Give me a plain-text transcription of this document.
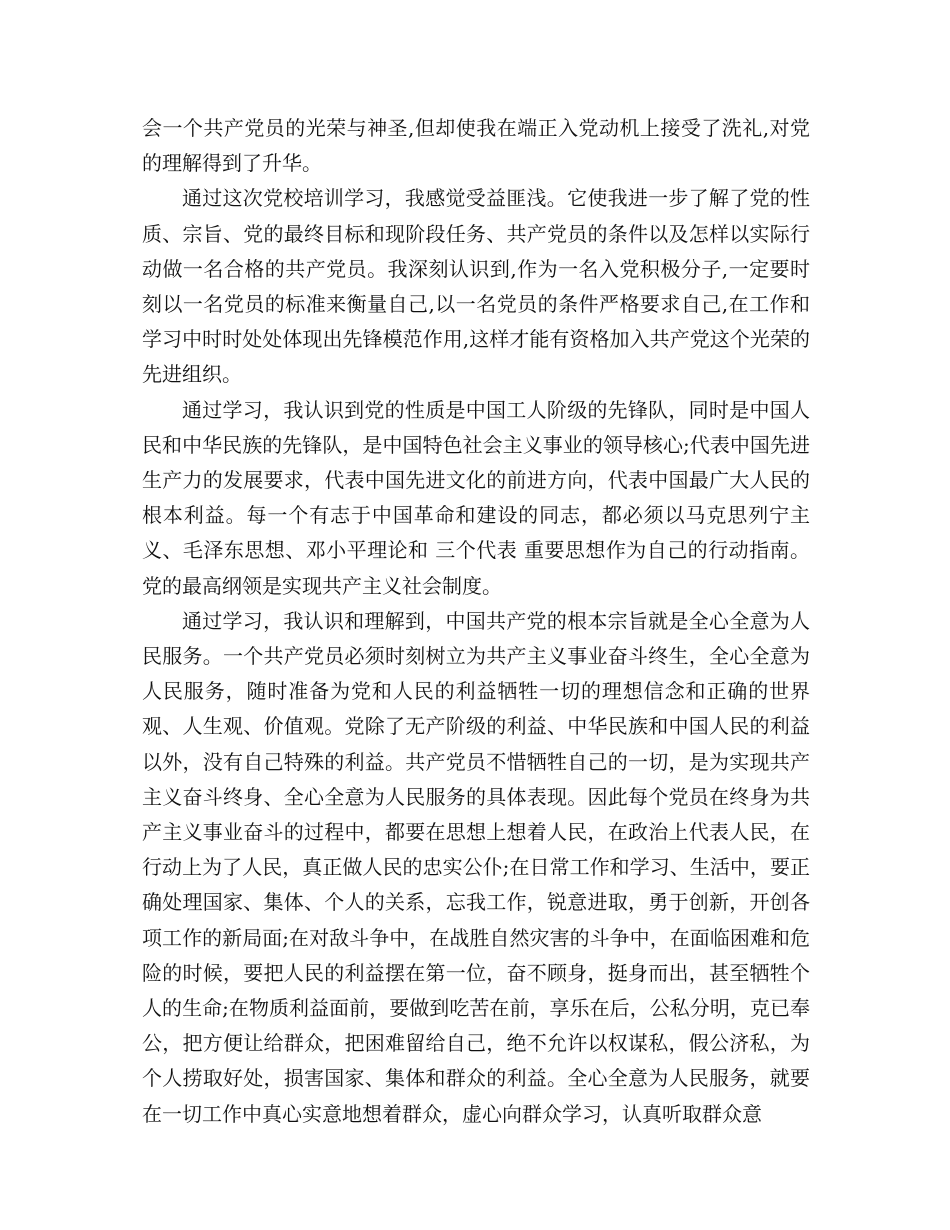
会一个共产党员的光荣与神圣,但却使我在端正入党动机上接受了洗礼,对党的理解得到了升华。

通过这次党校培训学习，我感觉受益匪浅。它使我进一步了解了党的性质、宗旨、党的最终目标和现阶段任务、共产党员的条件以及怎样以实际行动做一名合格的共产党员。我深刻认识到,作为一名入党积极分子,一定要时刻以一名党员的标准来衡量自己,以一名党员的条件严格要求自己,在工作和学习中时时处处体现出先锋模范作用,这样才能有资格加入共产党这个光荣的先进组织。

通过学习，我认识到党的性质是中国工人阶级的先锋队，同时是中国人民和中华民族的先锋队，是中国特色社会主义事业的领导核心;代表中国先进生产力的发展要求，代表中国先进文化的前进方向，代表中国最广大人民的根本利益。每一个有志于中国革命和建设的同志，都必须以马克思列宁主义、毛泽东思想、邓小平理论和 三个代表 重要思想作为自己的行动指南。党的最高纲领是实现共产主义社会制度。

通过学习，我认识和理解到，中国共产党的根本宗旨就是全心全意为人民服务。一个共产党员必须时刻树立为共产主义事业奋斗终生，全心全意为人民服务，随时准备为党和人民的利益牺牲一切的理想信念和正确的世界观、人生观、价值观。党除了无产阶级的利益、中华民族和中国人民的利益以外，没有自己特殊的利益。共产党员不惜牺牲自己的一切，是为实现共产主义奋斗终身、全心全意为人民服务的具体表现。因此每个党员在终身为共产主义事业奋斗的过程中，都要在思想上想着人民，在政治上代表人民，在行动上为了人民，真正做人民的忠实公仆;在日常工作和学习、生活中，要正确处理国家、集体、个人的关系，忘我工作，锐意进取，勇于创新，开创各项工作的新局面;在对敌斗争中，在战胜自然灾害的斗争中，在面临困难和危险的时候，要把人民的利益摆在第一位，奋不顾身，挺身而出，甚至牺牲个人的生命;在物质利益面前，要做到吃苦在前，享乐在后，公私分明，克已奉公，把方便让给群众，把困难留给自己，绝不允许以权谋私，假公济私，为个人捞取好处，损害国家、集体和群众的利益。全心全意为人民服务，就要在一切工作中真心实意地想着群众，虚心向群众学习，认真听取群众意
